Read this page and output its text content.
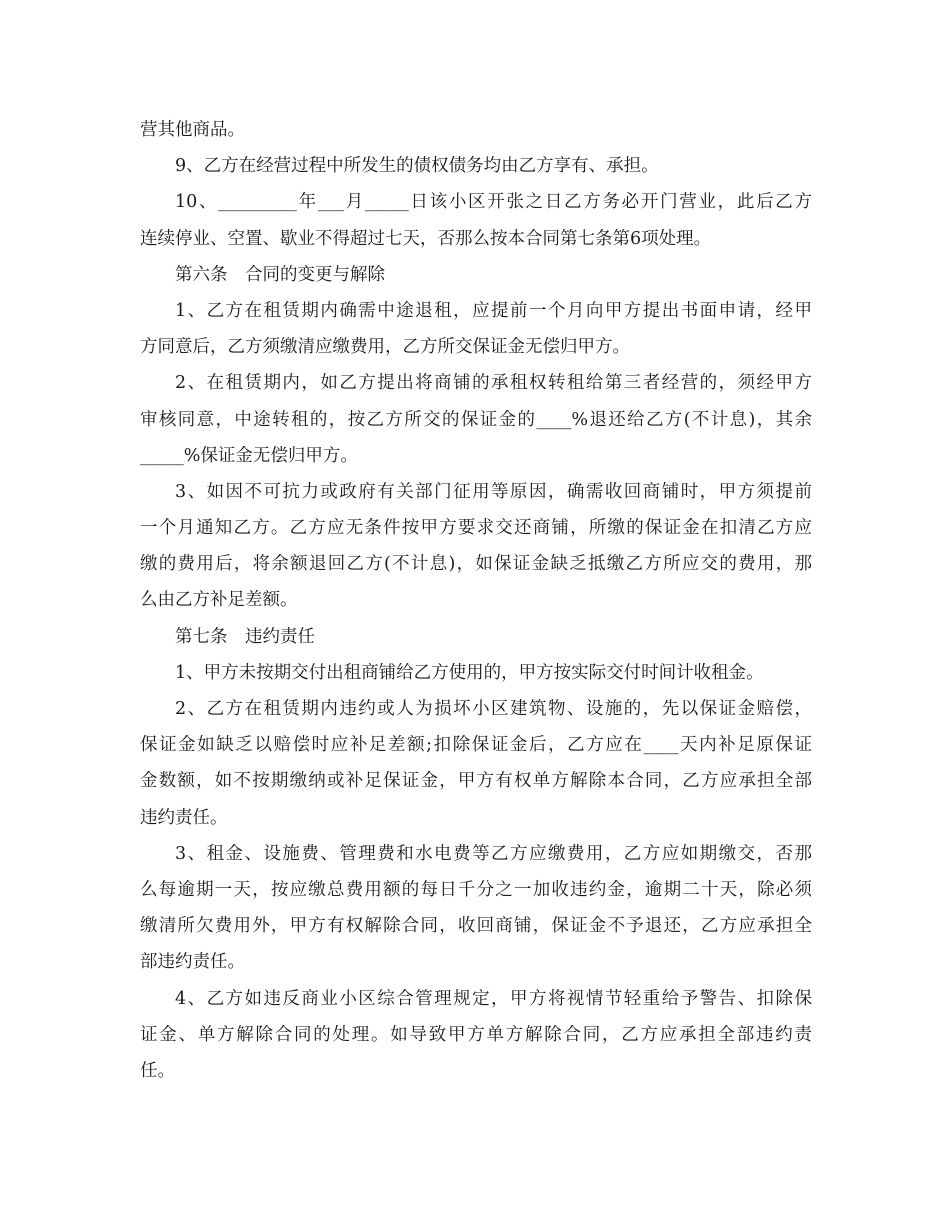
营其他商品。
9、乙方在经营过程中所发生的债权债务均由乙方享有、承担。
10、_________年___月_____日该小区开张之日乙方务必开门营业，此后乙方
连续停业、空置、歇业不得超过七天，否那么按本合同第七条第6项处理。
第六条　合同的变更与解除
1、乙方在租赁期内确需中途退租，应提前一个月向甲方提出书面申请，经甲
方同意后，乙方须缴清应缴费用，乙方所交保证金无偿归甲方。
2、在租赁期内，如乙方提出将商铺的承租权转租给第三者经营的，须经甲方
审核同意，中途转租的，按乙方所交的保证金的____%退还给乙方(不计息)，其余
_____%保证金无偿归甲方。
3、如因不可抗力或政府有关部门征用等原因，确需收回商铺时，甲方须提前
一个月通知乙方。乙方应无条件按甲方要求交还商铺，所缴的保证金在扣清乙方应
缴的费用后，将余额退回乙方(不计息)，如保证金缺乏抵缴乙方所应交的费用，那
么由乙方补足差额。
第七条　违约责任
1、甲方未按期交付出租商铺给乙方使用的，甲方按实际交付时间计收租金。
2、乙方在租赁期内违约或人为损坏小区建筑物、设施的，先以保证金赔偿，
保证金如缺乏以赔偿时应补足差额;扣除保证金后，乙方应在____天内补足原保证
金数额，如不按期缴纳或补足保证金，甲方有权单方解除本合同，乙方应承担全部
违约责任。
3、租金、设施费、管理费和水电费等乙方应缴费用，乙方应如期缴交，否那
么每逾期一天，按应缴总费用额的每日千分之一加收违约金，逾期二十天，除必须
缴清所欠费用外，甲方有权解除合同，收回商铺，保证金不予退还，乙方应承担全
部违约责任。
4、乙方如违反商业小区综合管理规定，甲方将视情节轻重给予警告、扣除保
证金、单方解除合同的处理。如导致甲方单方解除合同，乙方应承担全部违约责
任。
